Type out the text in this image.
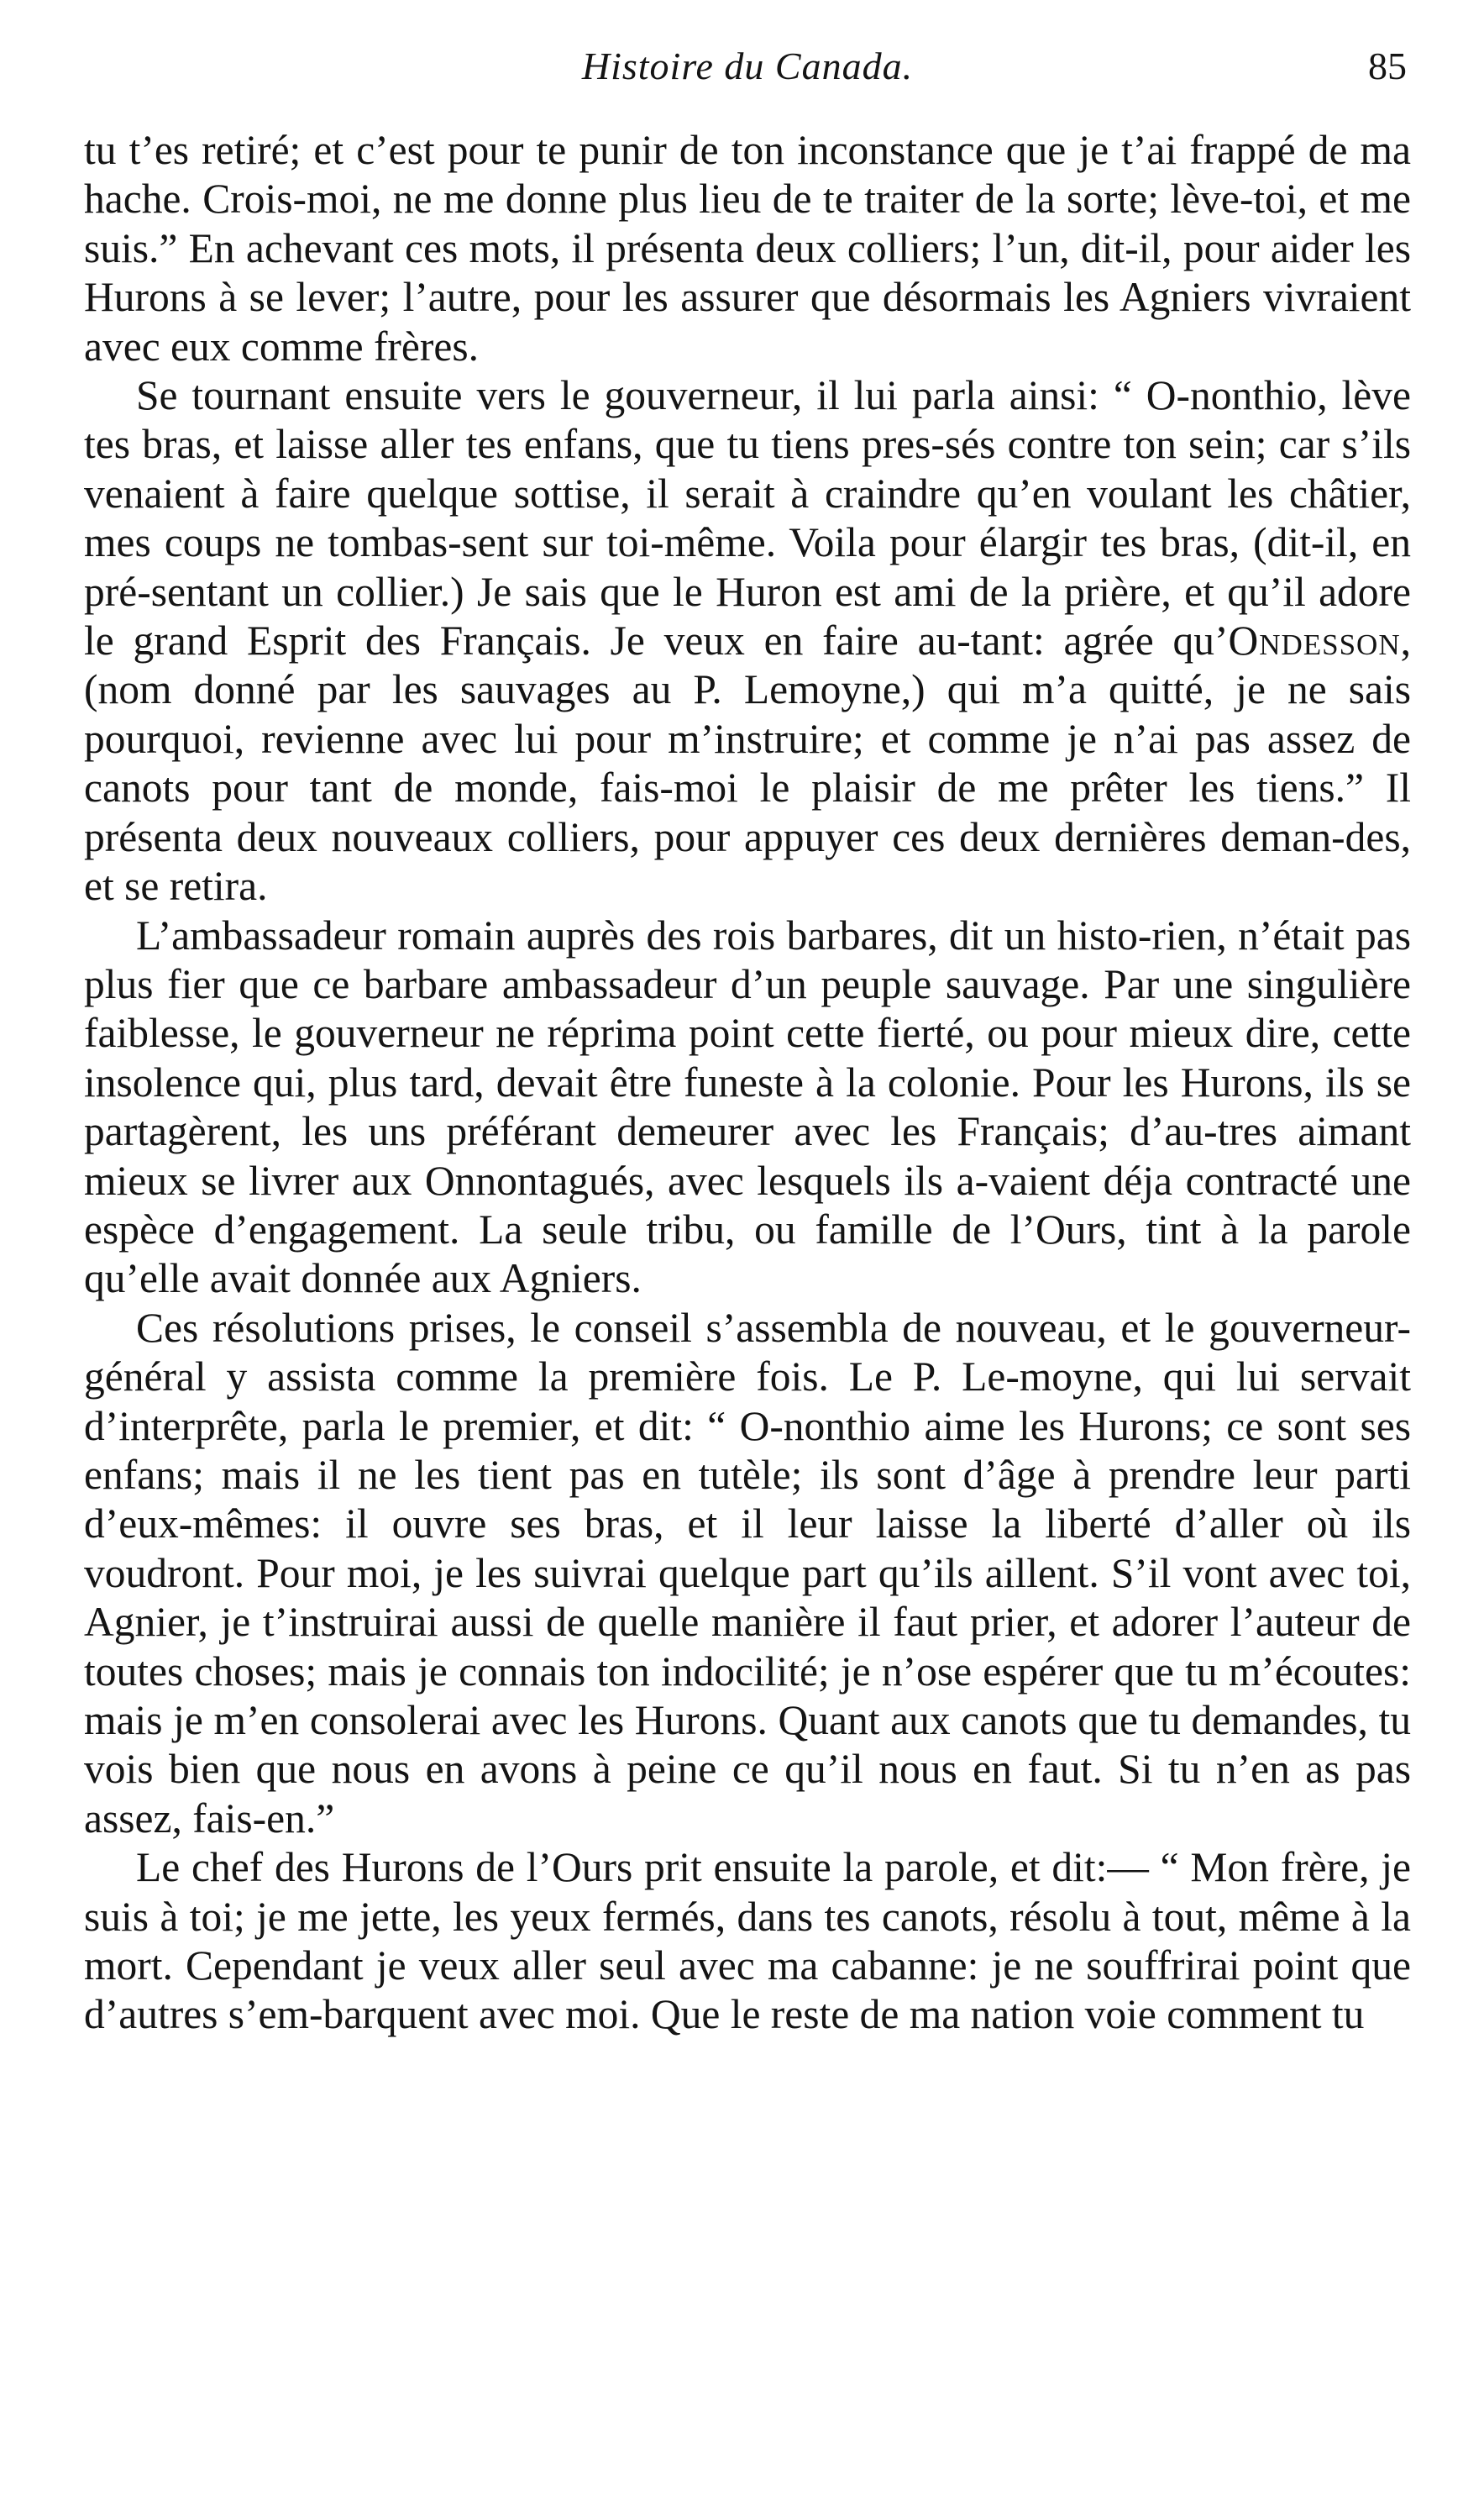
Histoire du Canada.	85

tu t’es retiré; et c’est pour te punir de ton inconstance que je t’ai frappé de ma hache. Crois-moi, ne me donne plus lieu de te traiter de la sorte; lève-toi, et me suis.” En achevant ces mots, il présenta deux colliers; l’un, dit-il, pour aider les Hurons à se lever; l’autre, pour les assurer que désormais les Agniers vivraient avec eux comme frères.

Se tournant ensuite vers le gouverneur, il lui parla ainsi: “ O-nonthio, lève tes bras, et laisse aller tes enfans, que tu tiens pres-sés contre ton sein; car s’ils venaient à faire quelque sottise, il serait à craindre qu’en voulant les châtier, mes coups ne tombas-sent sur toi-même. Voila pour élargir tes bras, (dit-il, en pré-sentant un collier.) Je sais que le Huron est ami de la prière, et qu’il adore le grand Esprit des Français. Je veux en faire au-tant: agrée qu’Ondesson, (nom donné par les sauvages au P. Lemoyne,) qui m’a quitté, je ne sais pourquoi, revienne avec lui pour m’instruire; et comme je n’ai pas assez de canots pour tant de monde, fais-moi le plaisir de me prêter les tiens.” Il présenta deux nouveaux colliers, pour appuyer ces deux dernières deman-des, et se retira.

L’ambassadeur romain auprès des rois barbares, dit un histo-rien, n’était pas plus fier que ce barbare ambassadeur d’un peuple sauvage. Par une singulière faiblesse, le gouverneur ne réprima point cette fierté, ou pour mieux dire, cette insolence qui, plus tard, devait être funeste à la colonie. Pour les Hurons, ils se partagèrent, les uns préférant demeurer avec les Français; d’au-tres aimant mieux se livrer aux Onnontagués, avec lesquels ils a-vaient déja contracté une espèce d’engagement. La seule tribu, ou famille de l’Ours, tint à la parole qu’elle avait donnée aux Agniers.

Ces résolutions prises, le conseil s’assembla de nouveau, et le gouverneur-général y assista comme la première fois. Le P. Le-moyne, qui lui servait d’interprête, parla le premier, et dit: “ O-nonthio aime les Hurons; ce sont ses enfans; mais il ne les tient pas en tutèle; ils sont d’âge à prendre leur parti d’eux-mêmes: il ouvre ses bras, et il leur laisse la liberté d’aller où ils voudront. Pour moi, je les suivrai quelque part qu’ils aillent. S’il vont avec toi, Agnier, je t’instruirai aussi de quelle manière il faut prier, et adorer l’auteur de toutes choses; mais je connais ton indocilité; je n’ose espérer que tu m’écoutes: mais je m’en consolerai avec les Hurons. Quant aux canots que tu demandes, tu vois bien que nous en avons à peine ce qu’il nous en faut. Si tu n’en as pas assez, fais-en.”

Le chef des Hurons de l’Ours prit ensuite la parole, et dit:— “ Mon frère, je suis à toi; je me jette, les yeux fermés, dans tes canots, résolu à tout, même à la mort. Cependant je veux aller seul avec ma cabanne: je ne souffrirai point que d’autres s’em-barquent avec moi. Que le reste de ma nation voie comment tu
